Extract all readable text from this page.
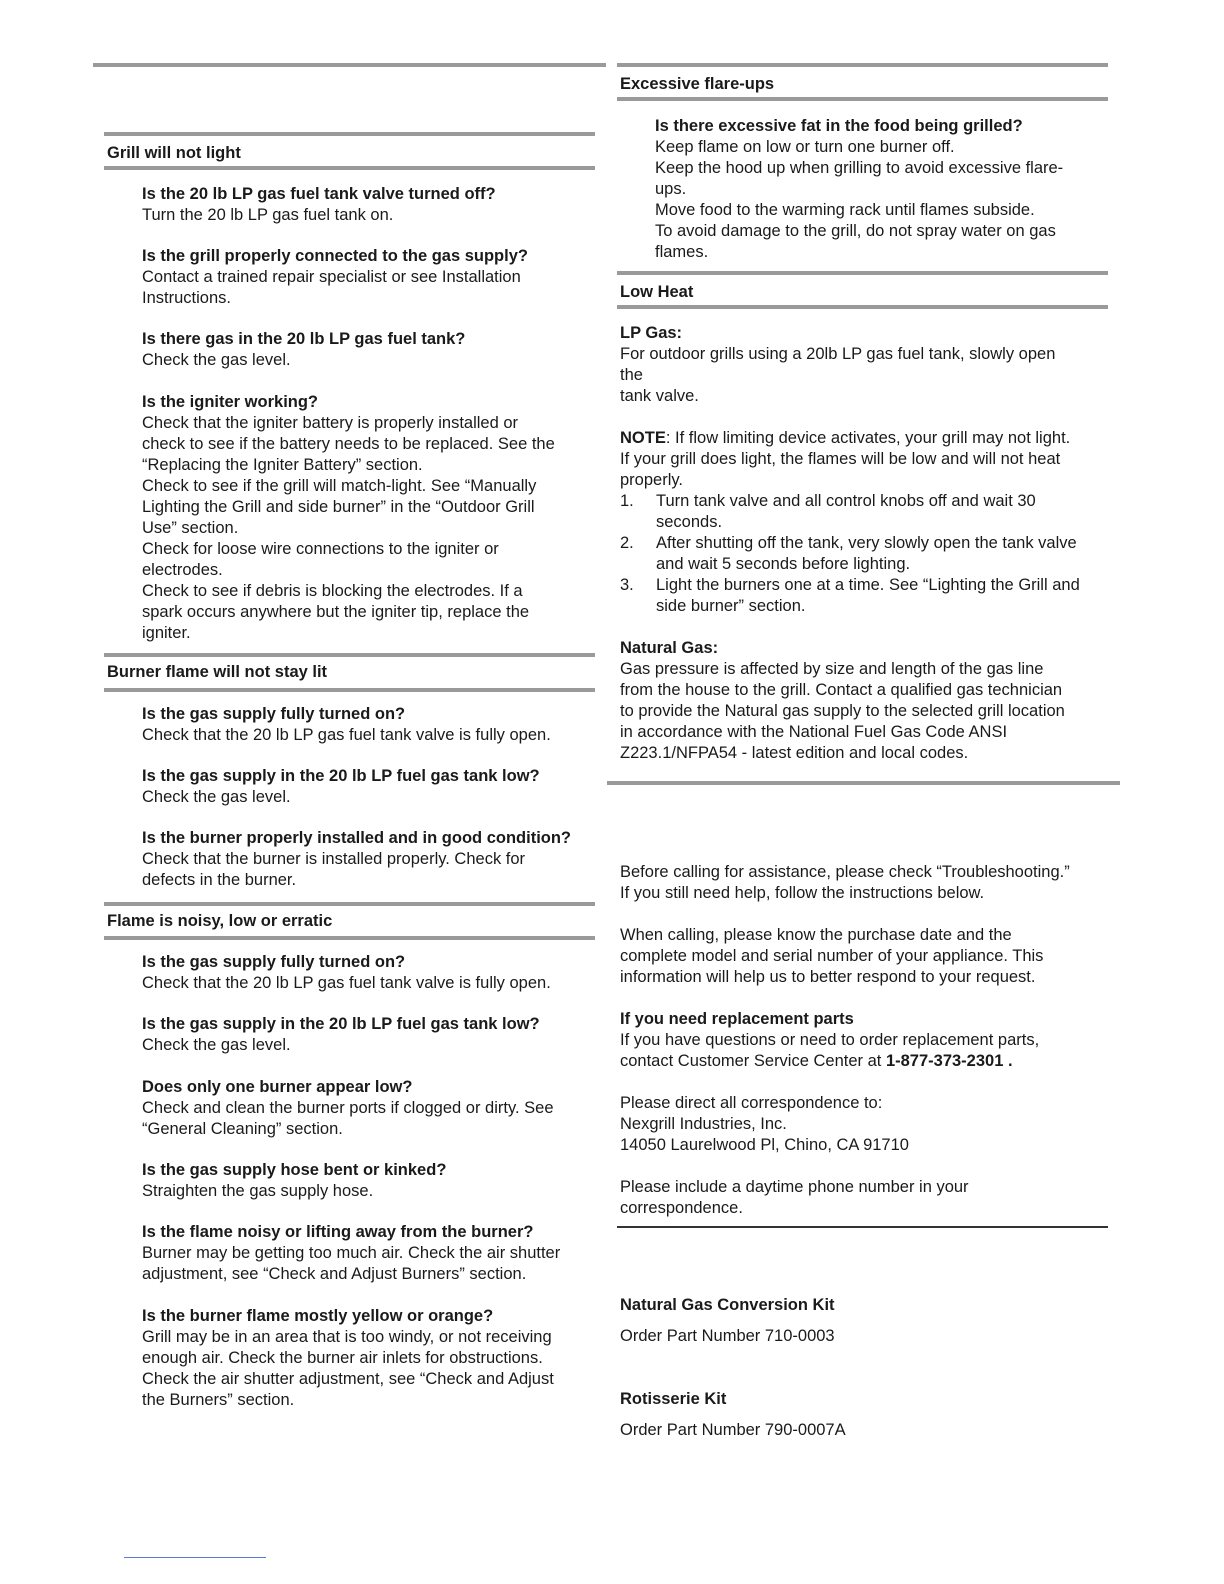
Grill will not light
Is the 20 lb LP gas fuel tank valve turned off?
Turn the 20 lb LP gas fuel tank on.
Is the grill properly connected to the gas supply?
Contact a trained repair specialist or see Installation
Instructions.
Is there gas in the 20 lb LP gas fuel tank?
Check the gas level.
Is the igniter working?
Check that the igniter battery is properly installed or
check to see if the battery needs to be replaced. See the
“Replacing the Igniter Battery” section.
Check to see if the grill will match-light. See “Manually
Lighting the Grill and side burner” in the “Outdoor Grill
Use” section.
Check for loose wire connections to the igniter or
electrodes.
Check to see if debris is blocking the electrodes. If a
spark occurs anywhere but the igniter tip, replace the
igniter.
Burner flame will not stay lit
Is the gas supply fully turned on?
Check that the 20 lb LP gas fuel tank valve is fully open.
Is the gas supply in the 20 lb LP fuel gas tank low?
Check the gas level.
Is the burner properly installed and in good condition?
Check that the burner is installed properly. Check for
defects in the burner.
Flame is noisy, low or erratic
Is the gas supply fully turned on?
Check that the 20 lb LP gas fuel tank valve is fully open.
Is the gas supply in the 20 lb LP fuel gas tank low?
Check the gas level.
Does only one burner appear low?
Check and clean the burner ports if clogged or dirty. See
“General Cleaning” section.
Is the gas supply hose bent or kinked?
Straighten the gas supply hose.
Is the flame noisy or lifting away from the burner?
Burner may be getting too much air. Check the air shutter
adjustment, see “Check and Adjust Burners” section.
Is the burner flame mostly yellow or orange?
Grill may be in an area that is too windy, or not receiving
enough air. Check the burner air inlets for obstructions.
Check the air shutter adjustment, see “Check and Adjust
the Burners” section.
Excessive flare-ups
Is there excessive fat in the food being grilled?
Keep flame on low or turn one burner off.
Keep the hood up when grilling to avoid excessive flare-
ups.
Move food to the warming rack until flames subside.
To avoid damage to the grill, do not spray water on gas
flames.
Low Heat
LP Gas:
For outdoor grills using a 20lb LP gas fuel tank, slowly open
the
tank valve.
NOTE: If flow limiting device activates, your grill may not light.
If your grill does light, the flames will be low and will not heat
properly.
1. Turn tank valve and all control knobs off and wait 30
seconds.
2. After shutting off the tank, very slowly open the tank valve
and wait 5 seconds before lighting.
3. Light the burners one at a time. See “Lighting the Grill and
side burner” section.
Natural Gas:
Gas pressure is affected by size and length of the gas line
from the house to the grill. Contact a qualified gas technician
to provide the Natural gas supply to the selected grill location
in accordance with the National Fuel Gas Code ANSI
Z223.1/NFPA54 - latest edition and local codes.
Before calling for assistance, please check “Troubleshooting.”
If you still need help, follow the instructions below.
When calling, please know the purchase date and the
complete model and serial number of your appliance. This
information will help us to better respond to your request.
If you need replacement parts
If you have questions or need to order replacement parts,
contact Customer Service Center at 1-877-373-2301 .
Please direct all correspondence to:
Nexgrill Industries, Inc.
14050 Laurelwood Pl, Chino, CA 91710
Please include a daytime phone number in your
correspondence.
Natural Gas Conversion Kit
Order Part Number 710-0003
Rotisserie Kit
Order Part Number 790-0007A
